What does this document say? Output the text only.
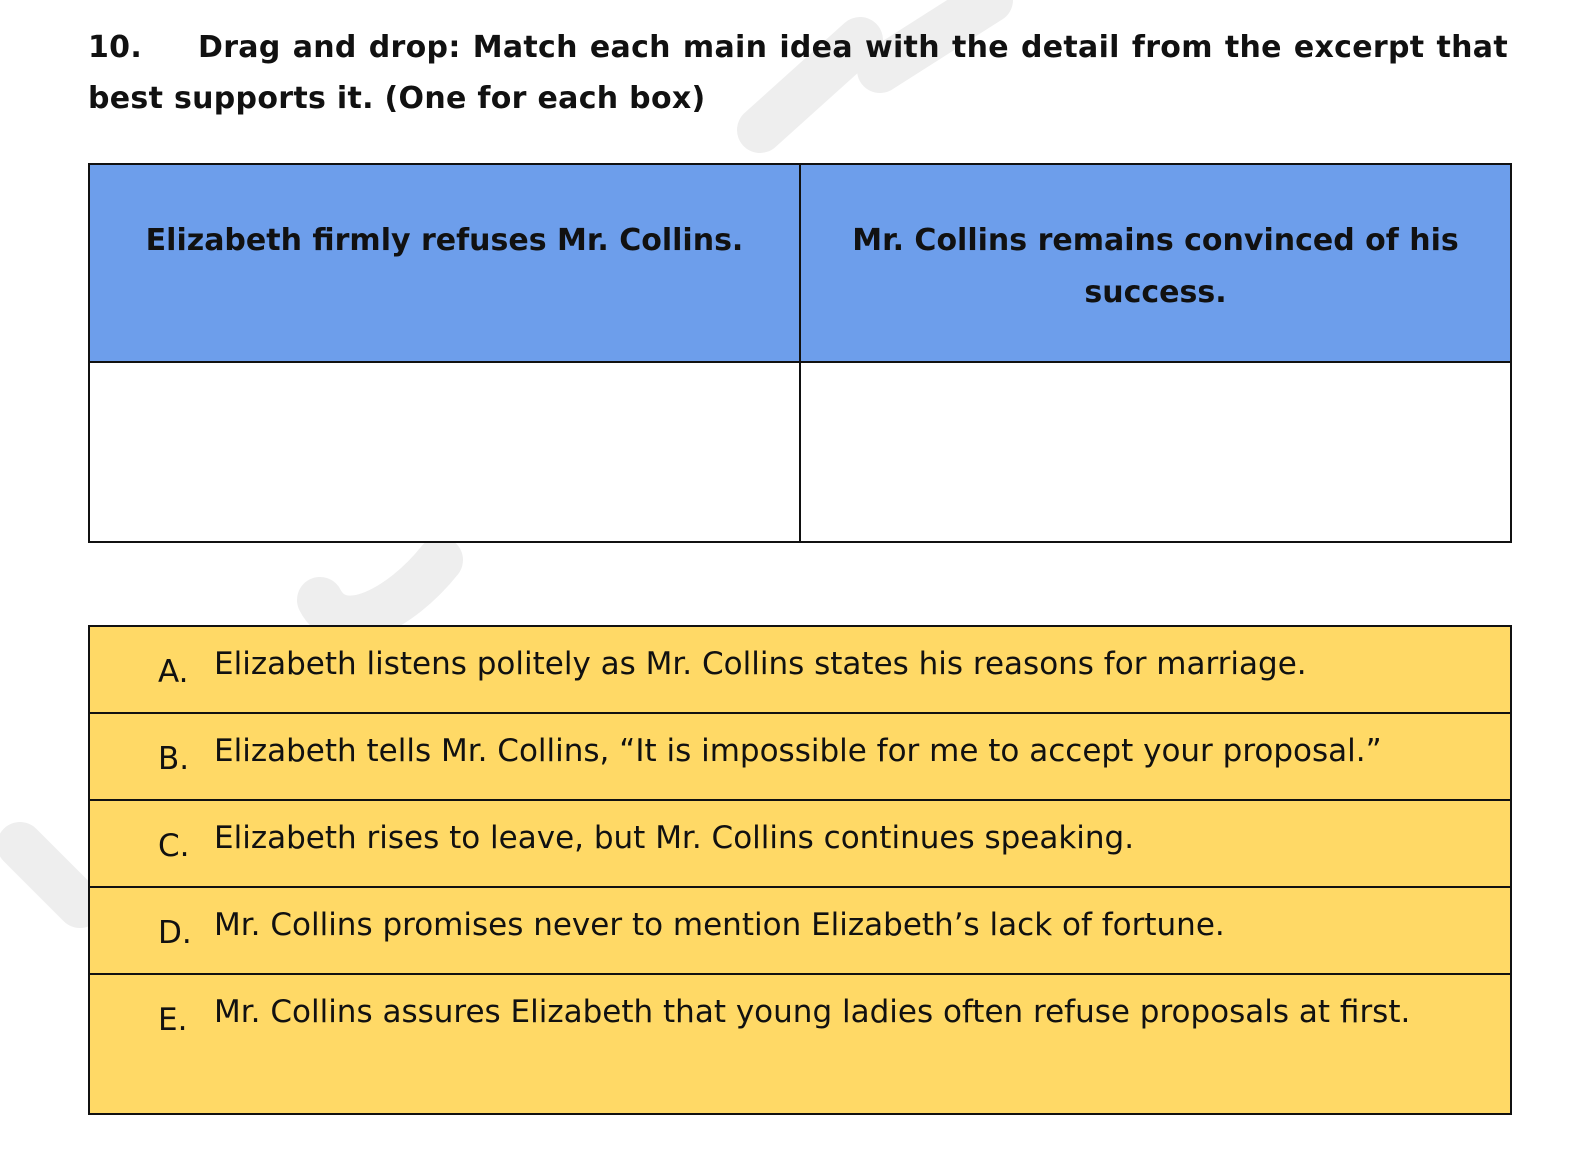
10. Drag and drop: Match each main idea with the detail from the excerpt that best supports it. (One for each box)
Elizabeth firmly refuses Mr. Collins.	Mr. Collins remains convinced of his success.

A. Elizabeth listens politely as Mr. Collins states his reasons for marriage.
B. Elizabeth tells Mr. Collins, “It is impossible for me to accept your proposal.”
C. Elizabeth rises to leave, but Mr. Collins continues speaking.
D. Mr. Collins promises never to mention Elizabeth’s lack of fortune.
E. Mr. Collins assures Elizabeth that young ladies often refuse proposals at first.
